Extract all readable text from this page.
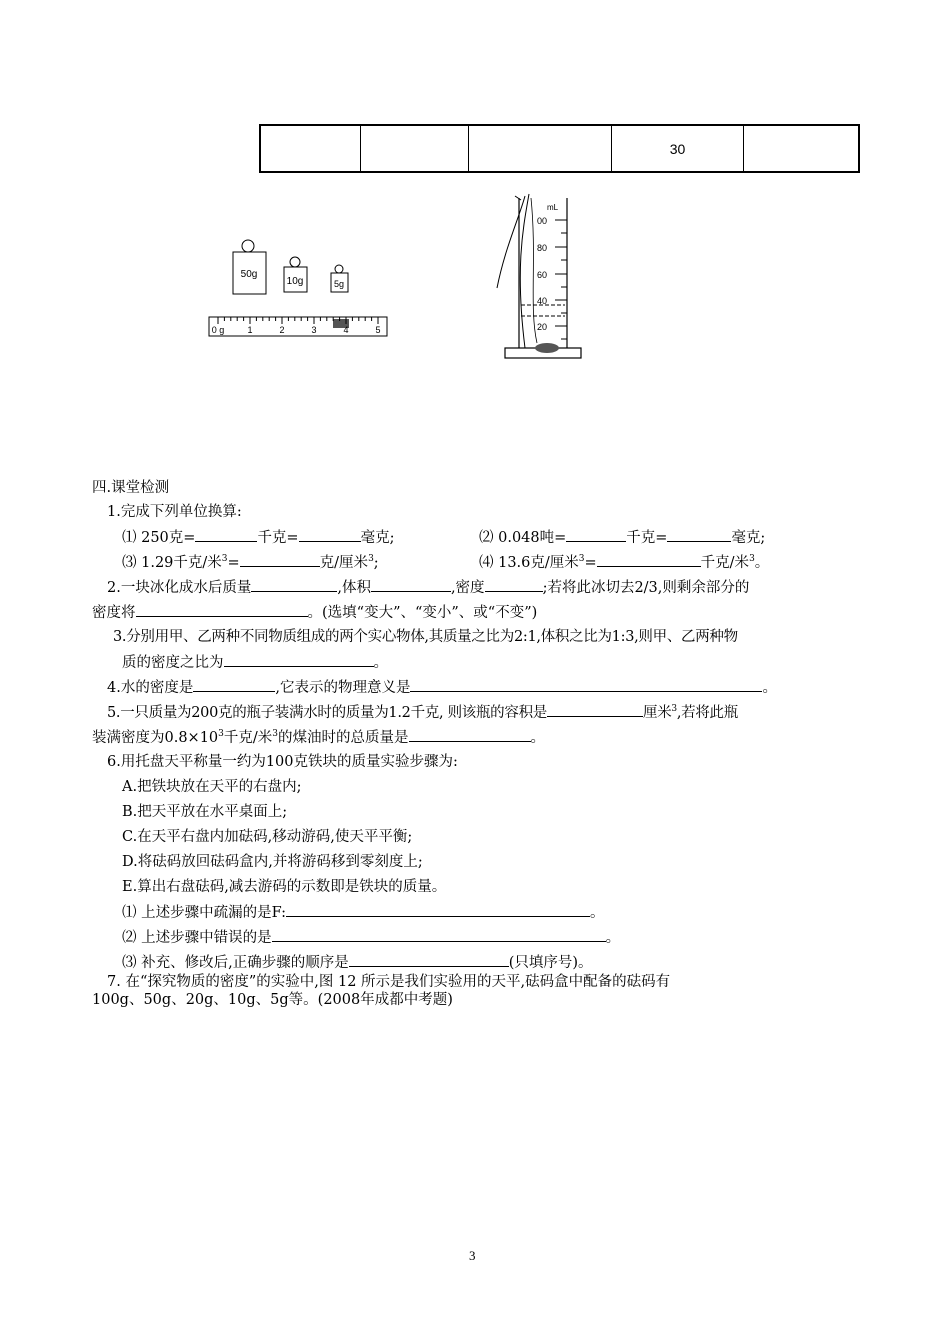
			30	
50g
10g	5g
0 g	1	2	3	4	5
mL
00
80
60
40
20
四.课堂检测
1.完成下列单位换算:
⑴ 250克=	千克=	毫克;	⑵ 0.048吨=	千克=	毫克;
⑶ 1.29千克/米$^3$=	克/厘米$^3$;	⑷ 13.6克/厘米$^3$=	千克/米$^3$。
2.一块冰化成水后质量	,体积	,密度	;若将此冰切去2/3,则剩余部分的
密度将	。(选填“变大”、“变小”、或“不变”)
3.分别用甲、乙两种不同物质组成的两个实心物体,其质量之比为2:1,体积之比为1:3,则甲、乙两种物
质的密度之比为	。
4.水的密度是	,它表示的物理意义是	。
5.一只质量为200克的瓶子装满水时的质量为1.2千克, 则该瓶的容积是	厘米$^3$,若将此瓶
装满密度为$0.8\times 10^3$千克/米$^3$的煤油时的总质量是	。
6.用托盘天平称量一约为100克铁块的质量实验步骤为:
A.把铁块放在天平的右盘内;
B.把天平放在水平桌面上;
C.在天平右盘内加砝码,移动游码,使天平平衡;
D.将砝码放回砝码盒内,并将游码移到零刻度上;
E.算出右盘砝码,减去游码的示数即是铁块的质量。
⑴ 上述步骤中疏漏的是F:	。
⑵ 上述步骤中错误的是	。
⑶ 补充、修改后,正确步骤的顺序是	(只填序号)。
7. 在“探究物质的密度”的实验中,图 12 所示是我们实验用的天平,砝码盒中配备的砝码有
100g、50g、20g、10g、5g等。(2008年成都中考题)
3
